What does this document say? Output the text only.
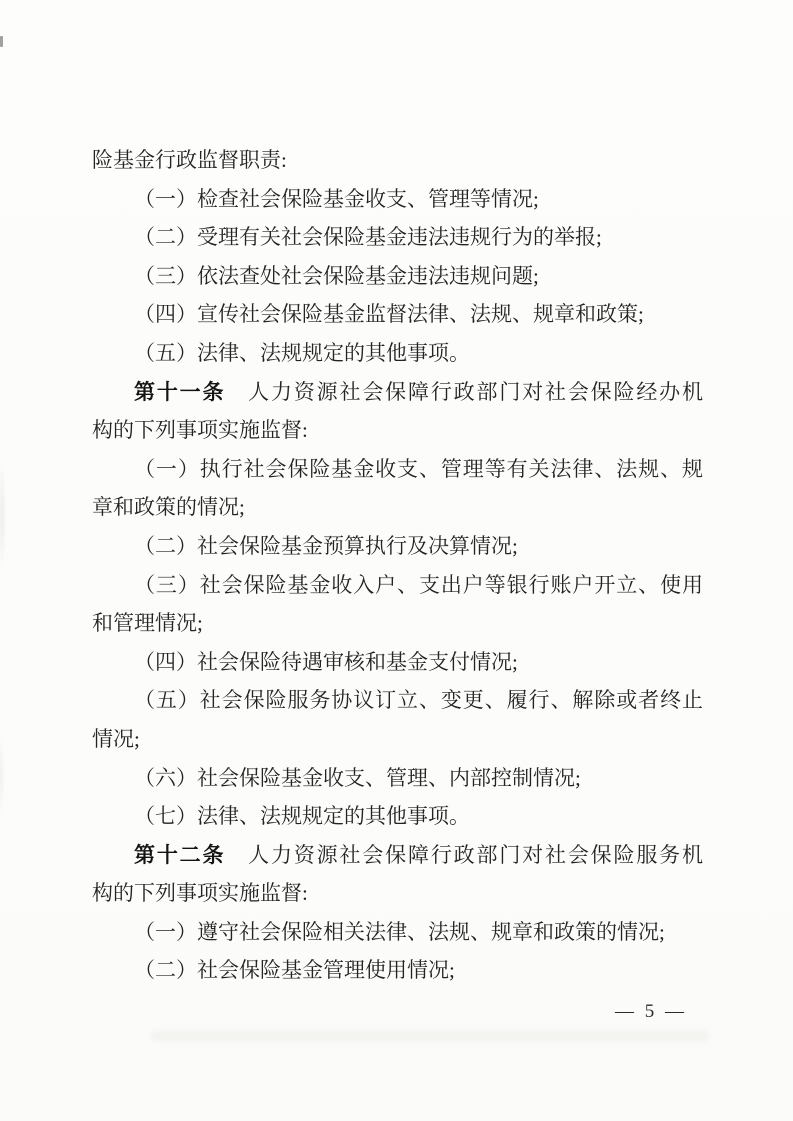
险基金行政监督职责:
（一）检查社会保险基金收支、管理等情况;
（二）受理有关社会保险基金违法违规行为的举报;
（三）依法查处社会保险基金违法违规问题;
（四）宣传社会保险基金监督法律、法规、规章和政策;
（五）法律、法规规定的其他事项。
第十一条　人力资源社会保障行政部门对社会保险经办机
构的下列事项实施监督:
（一）执行社会保险基金收支、管理等有关法律、法规、规
章和政策的情况;
（二）社会保险基金预算执行及决算情况;
（三）社会保险基金收入户、支出户等银行账户开立、使用
和管理情况;
（四）社会保险待遇审核和基金支付情况;
（五）社会保险服务协议订立、变更、履行、解除或者终止
情况;
（六）社会保险基金收支、管理、内部控制情况;
（七）法律、法规规定的其他事项。
第十二条　人力资源社会保障行政部门对社会保险服务机
构的下列事项实施监督:
（一）遵守社会保险相关法律、法规、规章和政策的情况;
（二）社会保险基金管理使用情况;
— 5 —
